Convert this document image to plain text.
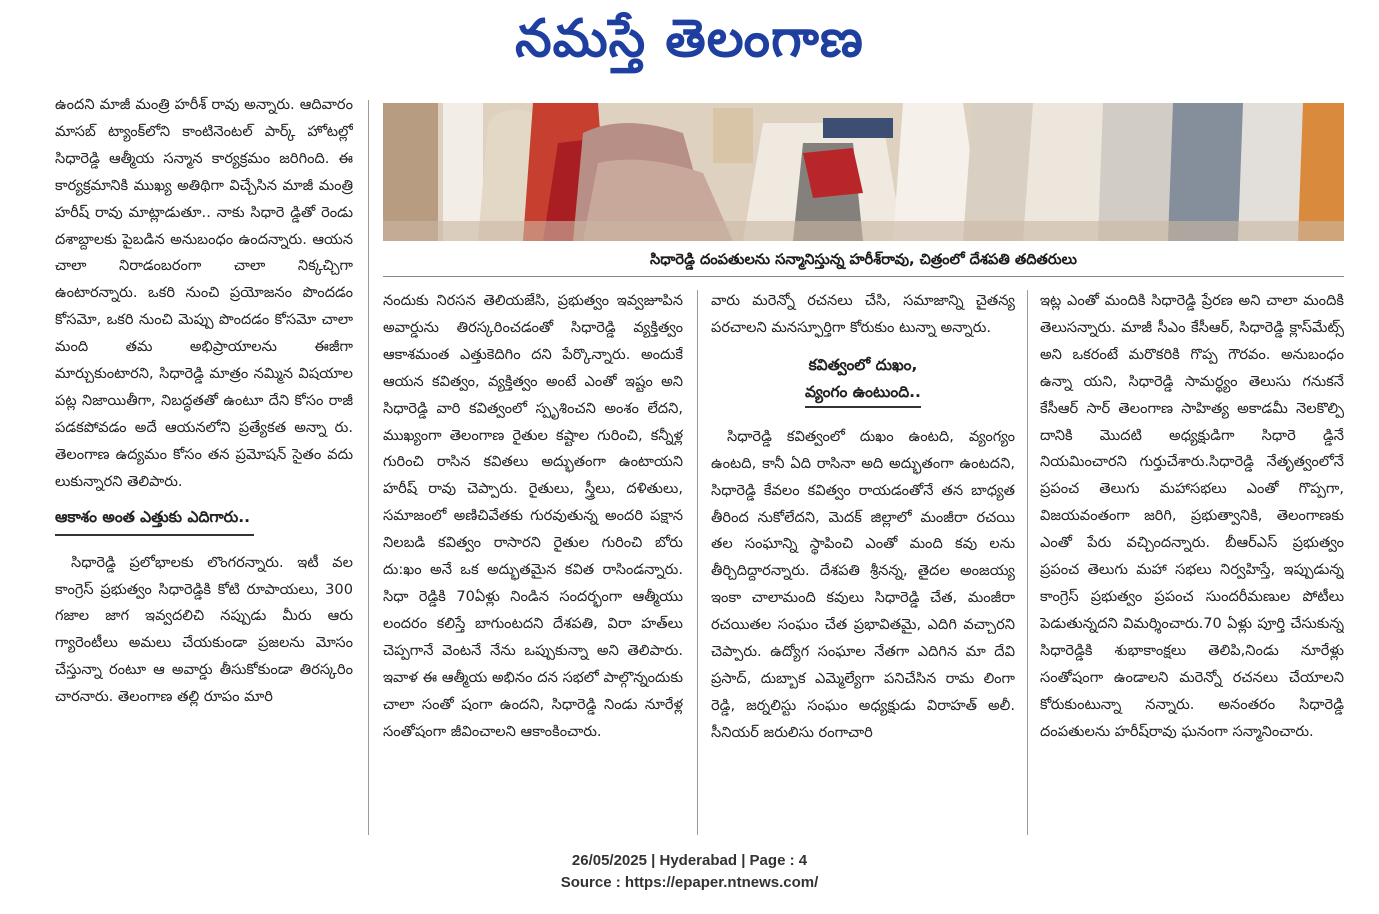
నమస్తే తెలంగాణ

ఉందని మాజీ మంత్రి హరీశ్ రావు అన్నారు. ఆదివారం మాసబ్ ట్యాంక్‌లోని కాంటినెంటల్ పార్క్ హోటల్లో సిధారెడ్డి ఆత్మీయ సన్మాన కార్యక్రమం జరిగింది. ఈ కార్యక్రమానికి ముఖ్య అతిథిగా విచ్చేసిన మాజీ మంత్రి హరీష్ రావు మాట్లాడుతూ.. నాకు సిధారె డ్డితో రెండు దశాబ్దాలకు పైబడిన అనుబంధం ఉందన్నారు. ఆయన చాలా నిరాడంబరంగా చాలా నిక్కచ్చిగా ఉంటారన్నారు. ఒకరి నుంచి ప్రయోజనం పొందడం కోసమో, ఒకరి నుంచి మెప్పు పొందడం కోసమో చాలా మంది తమ అభిప్రాయాలను ఈజీగా మార్చుకుంటారని, సిధారెడ్డి మాత్రం నమ్మిన విషయాల పట్ల నిజాయితీగా, నిబద్ధతతో ఉంటూ దేని కోసం రాజీ పడకపోవడం అదే ఆయనలోని ప్రత్యేకత అన్నా రు. తెలంగాణ ఉద్యమం కోసం తన ప్రమోషన్ సైతం వదు లుకున్నారని తెలిపారు.

ఆకాశం అంత ఎత్తుకు ఎదిగారు..

సిధారెడ్డి ప్రలోభాలకు లొంగరన్నారు. ఇటీ వల కాంగ్రెస్ ప్రభుత్వం సిధారెడ్డికి కోటి రూపాయలు, 300 గజాల జాగ ఇవ్వదలిచి నప్పుడు మీరు ఆరు గ్యారెంటీలు అమలు చేయకుండా ప్రజలను మోసం చేస్తున్నా రంటూ ఆ అవార్డు తీసుకోకుండా తిరస్కరిం చారనారు. తెలంగాణ తల్లి రూపం మారి

సిధారెడ్డి దంపతులను సన్మానిస్తున్న హరీశ్‌రావు, చిత్రంలో దేశపతి తదితరులు

నందుకు నిరసన తెలియజేసి, ప్రభుత్వం ఇవ్వజూపిన అవార్డును తిరస్కరించడంతో సిధారెడ్డి వ్యక్తిత్వం ఆకాశమంత ఎత్తుకెదిగిం దని పేర్కొన్నారు. అందుకే ఆయన కవిత్వం, వ్యక్తిత్వం అంటే ఎంతో ఇష్టం అని సిధారెడ్డి వారి కవిత్వంలో స్పృశించని అంశం లేదని, ముఖ్యంగా తెలంగాణ రైతుల కష్టాల గురించి, కన్నీళ్ల గురించి రాసిన కవితలు అద్భుతంగా ఉంటాయని హరీష్ రావు చెప్పారు. రైతులు, స్త్రీలు, దళితులు, సమాజంలో అణిచివేతకు గురవుతున్న అందరి పక్షాన నిలబడి కవిత్వం రాసారని రైతుల గురించి బోరు దు:ఖం అనే ఒక అద్భుతమైన కవిత రాసిండన్నారు. సిధా రెడ్డికి 70ఏళ్లు నిండిన సందర్భంగా ఆత్మీయు లందరం కలిస్తే బాగుంటదని దేశపతి, విరా హత్‌లు చెప్పగానే వెంటనే నేను ఒప్పుకున్నా అని తెలిపారు. ఇవాళ ఈ ఆత్మీయ అభినం దన సభలో పాల్గొన్నందుకు చాలా సంతో షంగా ఉందని, సిధారెడ్డి నిండు నూరేళ్ల సంతోషంగా జీవించాలని ఆకాంకించారు.

వారు మరెన్నో రచనలు చేసి, సమాజాన్ని చైతన్య పరచాలని మనస్ఫూర్తిగా కోరుకుం టున్నా అన్నారు.

కవిత్వంలో దుఖం,
వ్యంగం ఉంటుంది..

సిధారెడ్డి కవిత్వంలో దుఖం ఉంటది, వ్యంగ్యం ఉంటది, కానీ ఏది రాసినా అది అద్భుతంగా ఉంటదని, సిధారెడ్డి కేవలం కవిత్వం రాయడంతోనే తన బాధ్యత తీరింద నుకోలేదని, మెదక్ జిల్లాలో మంజీరా రచయి తల సంఘాన్ని స్థాపించి ఎంతో మంది కవు లను తీర్చిదిద్దారన్నారు. దేశపతి శ్రీనన్న, తైదల అంజయ్య ఇంకా చాలామంది కవులు సిధారెడ్డి చేత, మంజీరా రచయితల సంఘం చేత ప్రభావితమై, ఎదిగి వచ్చారని చెప్పారు. ఉద్యోగ సంఘాల నేతగా ఎదిగిన మా దేవి ప్రసాద్, దుబ్బాక ఎమ్మెల్యేగా పనిచేసిన రామ లింగా రెడ్డి, జర్నలిస్టు సంఘం అధ్యక్షుడు విరాహత్ అలీ. సీనియర్ జరులిసు రంగాచారి

ఇట్ల ఎంతో మందికి సిధారెడ్డి ప్రేరణ అని చాలా మందికి తెలుసన్నారు. మాజీ సీఎం కేసీఆర్, సిధారెడ్డి క్లాస్‌మేట్స్ అని ఒకరంటే మరొకరికి గొప్ప గౌరవం. అనుబంధం ఉన్నా యని, సిధారెడ్డి సామర్థ్యం తెలుసు గనుకనే కేసీఆర్ సార్ తెలంగాణ సాహిత్య అకాడమీ నెలకొల్పి దానికి మొదటి అధ్యక్షుడిగా సిధారె డ్డినే నియమించారని గుర్తుచేశారు.సిధారెడ్డి నేతృత్వంలోనే ప్రపంచ తెలుగు మహాసభలు ఎంతో గొప్పగా, విజయవంతంగా జరిగి, ప్రభుత్వానికి, తెలంగాణకు ఎంతో పేరు వచ్చిందన్నారు. బీఆర్ఎస్ ప్రభుత్వం ప్రపంచ తెలుగు మహా సభలు నిర్వహిస్తే, ఇప్పుడున్న కాంగ్రెస్ ప్రభుత్వం ప్రపంచ సుందరీమణుల పోటీలు పెడుతున్నదని విమర్శించారు.70 ఏళ్లు పూర్తి చేసుకున్న సిధారెడ్డికి శుభాకాంక్షలు తెలిపి,నిండు నూరేళ్లు సంతోషంగా ఉండాలని మరెన్నో రచనలు చేయాలని కోరుకుంటున్నా నన్నారు. అనంతరం సిధారెడ్డి దంపతులను హరీష్‌రావు ఘనంగా సన్మానించారు.

26/05/2025 | Hyderabad | Page : 4
Source : https://epaper.ntnews.com/
